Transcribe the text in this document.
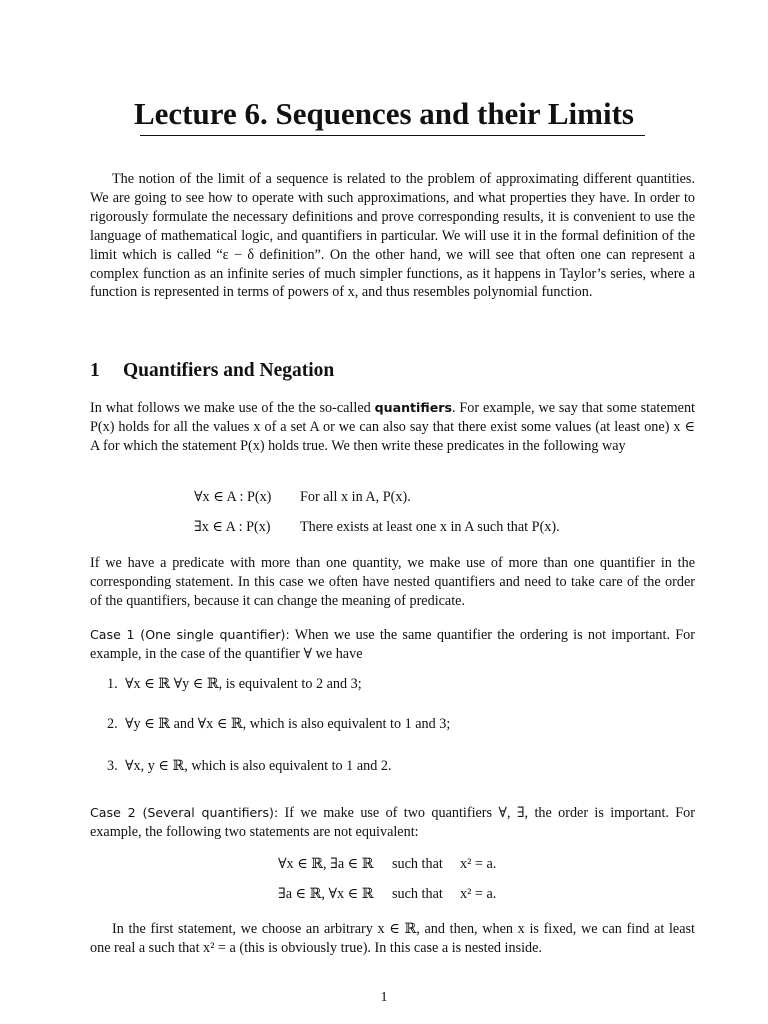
Lecture 6. Sequences and their Limits

The notion of the limit of a sequence is related to the problem of approximating different quantities. We are going to see how to operate with such approximations, and what properties they have. In order to rigorously formulate the necessary definitions and prove corresponding results, it is convenient to use the language of mathematical logic, and quantifiers in particular. We will use it in the formal definition of the limit which is called “ε − δ definition”. On the other hand, we will see that often one can represent a complex function as an infinite series of much simpler functions, as it happens in Taylor’s series, where a function is represented in terms of powers of x, and thus resembles polynomial function.

1 Quantifiers and Negation

In what follows we make use of the the so-called quantifiers. For example, we say that some statement P(x) holds for all the values x of a set A or we can also say that there exist some values (at least one) x ∈ A for which the statement P(x) holds true. We then write these predicates in the following way

∀x ∈ A : P(x) For all x in A, P(x).
∃x ∈ A : P(x) There exists at least one x in A such that P(x).

If we have a predicate with more than one quantity, we make use of more than one quantifier in the corresponding statement. In this case we often have nested quantifiers and need to take care of the order of the quantifiers, because it can change the meaning of predicate.

Case 1 (One single quantifier): When we use the same quantifier the ordering is not important. For example, in the case of the quantifier ∀ we have

1. ∀x ∈ ℝ ∀y ∈ ℝ, is equivalent to 2 and 3;

2. ∀y ∈ ℝ and ∀x ∈ ℝ, which is also equivalent to 1 and 3;

3. ∀x, y ∈ ℝ, which is also equivalent to 1 and 2.

Case 2 (Several quantifiers): If we make use of two quantifiers ∀, ∃, the order is important. For example, the following two statements are not equivalent:

∀x ∈ ℝ, ∃a ∈ ℝ such that x² = a.
∃a ∈ ℝ, ∀x ∈ ℝ such that x² = a.

In the first statement, we choose an arbitrary x ∈ ℝ, and then, when x is fixed, we can find at least one real a such that x² = a (this is obviously true). In this case a is nested inside.

1
